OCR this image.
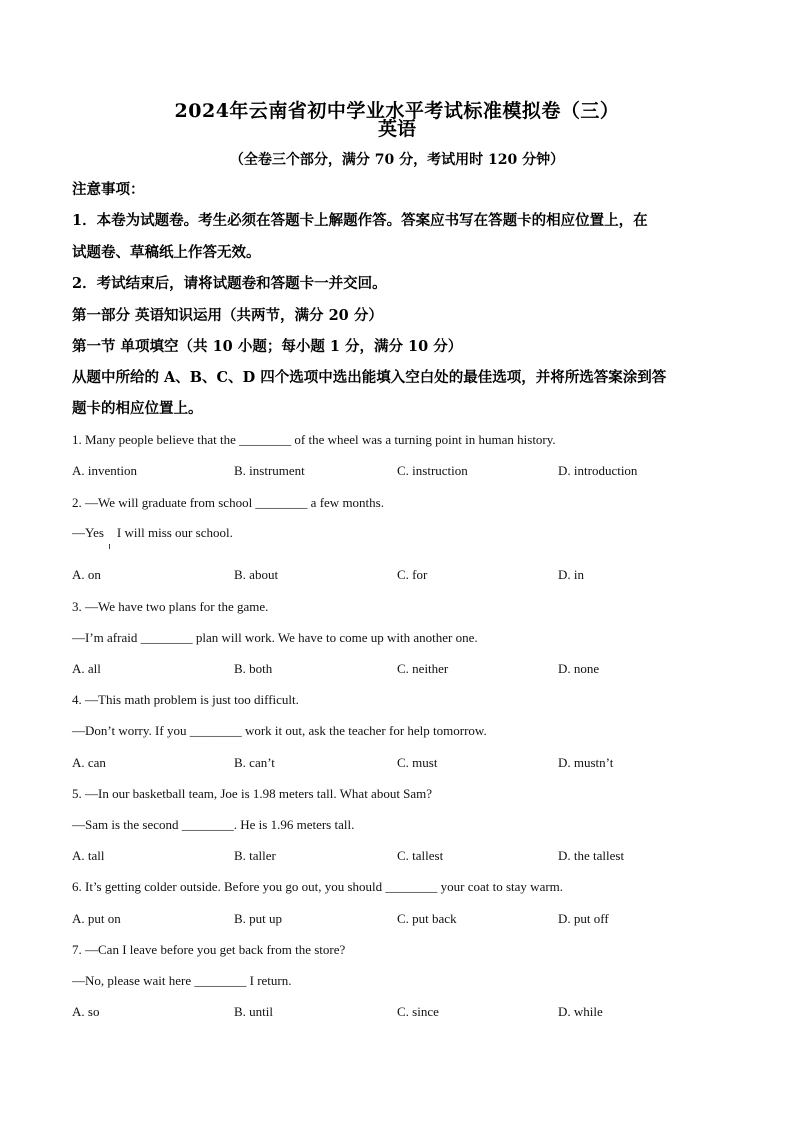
2024年云南省初中学业水平考试标准模拟卷（三）
英语
（全卷三个部分，满分 70 分，考试用时 120 分钟）
注意事项：
1．本卷为试题卷。考生必须在答题卡上解题作答。答案应书写在答题卡的相应位置上，在
试题卷、草稿纸上作答无效。
2．考试结束后，请将试题卷和答题卡一并交回。
第一部分 英语知识运用（共两节，满分 20 分）
第一节 单项填空（共 10 小题；每小题 1 分，满分 10 分）
从题中所给的 A、B、C、D 四个选项中选出能填入空白处的最佳选项，并将所选答案涂到答
题卡的相应位置上。
1. Many people believe that the ________ of the wheel was a turning point in human history.
A. invention	B. instrument	C. instruction	D. introduction
2. —We will graduate from school ________ a few months.
—Yes    I will miss our school.
A. on	B. about	C. for	D. in
3. —We have two plans for the game.
—I’m afraid ________ plan will work. We have to come up with another one.
A. all	B. both	C. neither	D. none
4. —This math problem is just too difficult.
—Don’t worry. If you ________ work it out, ask the teacher for help tomorrow.
A. can	B. can’t	C. must	D. mustn’t
5. —In our basketball team, Joe is 1.98 meters tall. What about Sam?
—Sam is the second ________. He is 1.96 meters tall.
A. tall	B. taller	C. tallest	D. the tallest
6. It’s getting colder outside. Before you go out, you should ________ your coat to stay warm.
A. put on	B. put up	C. put back	D. put off
7. —Can I leave before you get back from the store?
—No, please wait here ________ I return.
A. so	B. until	C. since	D. while
